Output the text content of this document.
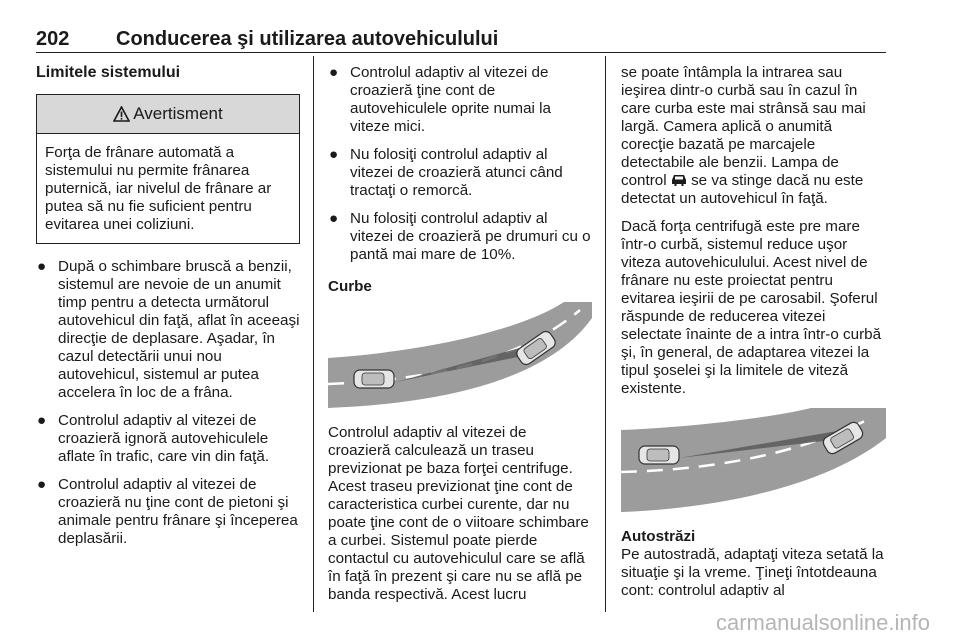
202 Conducerea şi utilizarea autovehiculului
Limitele sistemului
Avertisment
Forţa de frânare automată a sistemului nu permite frânarea puternică, iar nivelul de frânare ar putea să nu fie suficient pentru evitarea unei coliziuni.
● După o schimbare bruscă a benzii, sistemul are nevoie de un anumit timp pentru a detecta următorul autovehicul din faţă, aflat în aceeaşi direcţie de deplasare. Aşadar, în cazul detectării unui nou autovehicul, sistemul ar putea accelera în loc de a frâna.
● Controlul adaptiv al vitezei de croazieră ignoră autovehiculele aflate în trafic, care vin din faţă.
● Controlul adaptiv al vitezei de croazieră nu ţine cont de pietoni şi animale pentru frânare şi începerea deplasării.
● Controlul adaptiv al vitezei de croazieră ţine cont de autovehiculele oprite numai la viteze mici.
● Nu folosiţi controlul adaptiv al vitezei de croazieră atunci când tractaţi o remorcă.
● Nu folosiţi controlul adaptiv al vitezei de croazieră pe drumuri cu o pantă mai mare de 10%.

Curbe

Controlul adaptiv al vitezei de croazieră calculează un traseu previzionat pe baza forţei centrifuge. Acest traseu previzionat ţine cont de caracteristica curbei curente, dar nu poate ţine cont de o viitoare schimbare a curbei. Sistemul poate pierde contactul cu autovehiculul care se află în faţă în prezent şi care nu se află pe banda respectivă. Acest lucru

se poate întâmpla la intrarea sau ieşirea dintr-o curbă sau în cazul în care curba este mai strânsă sau mai largă. Camera aplică o anumită corecţie bazată pe marcajele detectabile ale benzii. Lampa de control se va stinge dacă nu este detectat un autovehicul în faţă.

Dacă forţa centrifugă este pre mare într-o curbă, sistemul reduce uşor viteza autovehiculului. Acest nivel de frânare nu este proiectat pentru evitarea ieşirii de pe carosabil. Şoferul răspunde de reducerea vitezei selectate înainte de a intra într-o curbă şi, în general, de adaptarea vitezei la tipul şoselei şi la limitele de viteză existente.

Autostrăzi

Pe autostradă, adaptaţi viteza setată la situaţie şi la vreme. Ţineţi întotdeauna cont: controlul adaptiv al

carmanualsonline.info
